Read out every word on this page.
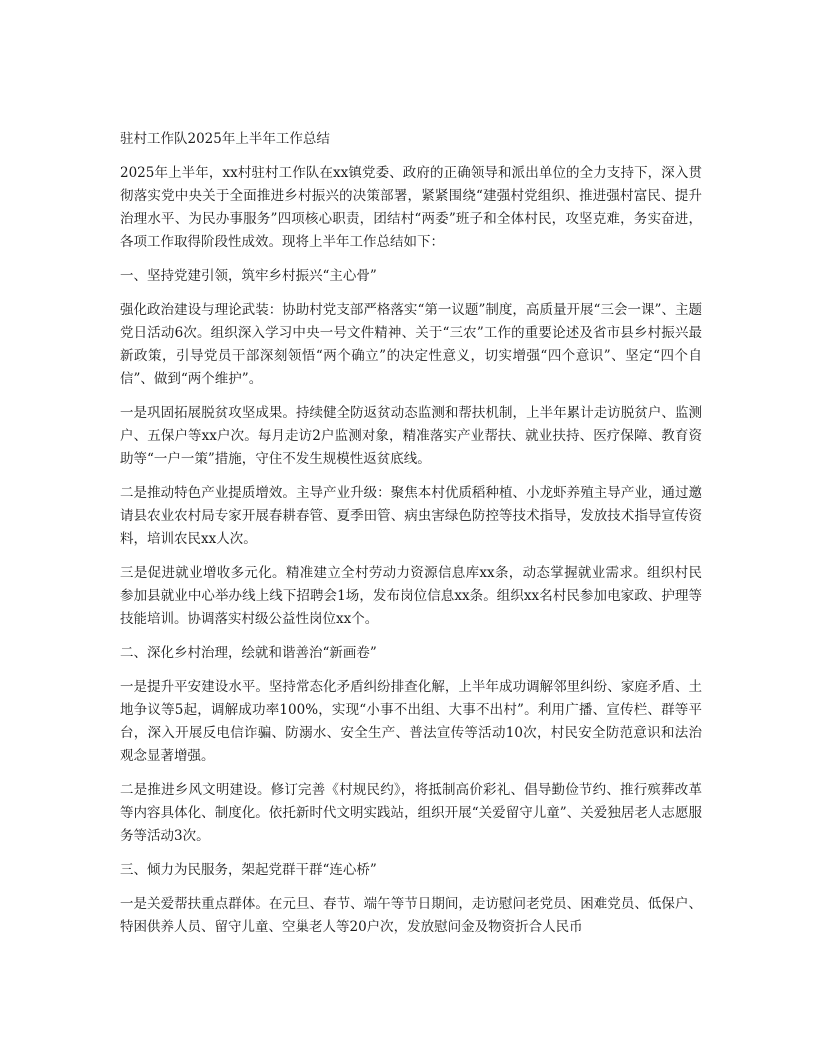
驻村工作队2025年上半年工作总结
2025年上半年，xx村驻村工作队在xx镇党委、政府的正确领导和派出单位的全力支持下，深入贯彻落实党中央关于全面推进乡村振兴的决策部署，紧紧围绕“建强村党组织、推进强村富民、提升治理水平、为民办事服务”四项核心职责，团结村“两委”班子和全体村民，攻坚克难，务实奋进，各项工作取得阶段性成效。现将上半年工作总结如下：
一、坚持党建引领，筑牢乡村振兴“主心骨”
强化政治建设与理论武装：协助村党支部严格落实“第一议题”制度，高质量开展“三会一课”、主题党日活动6次。组织深入学习中央一号文件精神、关于“三农”工作的重要论述及省市县乡村振兴最新政策，引导党员干部深刻领悟“两个确立”的决定性意义，切实增强“四个意识”、坚定“四个自信”、做到“两个维护”。
一是巩固拓展脱贫攻坚成果。持续健全防返贫动态监测和帮扶机制，上半年累计走访脱贫户、监测户、五保户等xx户次。每月走访2户监测对象，精准落实产业帮扶、就业扶持、医疗保障、教育资助等“一户一策”措施，守住不发生规模性返贫底线。
二是推动特色产业提质增效。主导产业升级：聚焦本村优质稻种植、小龙虾养殖主导产业，通过邀请县农业农村局专家开展春耕春管、夏季田管、病虫害绿色防控等技术指导，发放技术指导宣传资料，培训农民xx人次。
三是促进就业增收多元化。精准建立全村劳动力资源信息库xx条，动态掌握就业需求。组织村民参加县就业中心举办线上线下招聘会1场，发布岗位信息xx条。组织xx名村民参加电家政、护理等技能培训。协调落实村级公益性岗位xx个。
二、深化乡村治理，绘就和谐善治“新画卷”
一是提升平安建设水平。坚持常态化矛盾纠纷排查化解，上半年成功调解邻里纠纷、家庭矛盾、土地争议等5起，调解成功率100%，实现“小事不出组、大事不出村”。利用广播、宣传栏、群等平台，深入开展反电信诈骗、防溺水、安全生产、普法宣传等活动10次，村民安全防范意识和法治观念显著增强。
二是推进乡风文明建设。修订完善《村规民约》，将抵制高价彩礼、倡导勤俭节约、推行殡葬改革等内容具体化、制度化。依托新时代文明实践站，组织开展“关爱留守儿童”、关爱独居老人志愿服务等活动3次。
三、倾力为民服务，架起党群干群“连心桥”
一是关爱帮扶重点群体。在元旦、春节、端午等节日期间，走访慰问老党员、困难党员、低保户、特困供养人员、留守儿童、空巢老人等20户次，发放慰问金及物资折合人民币
